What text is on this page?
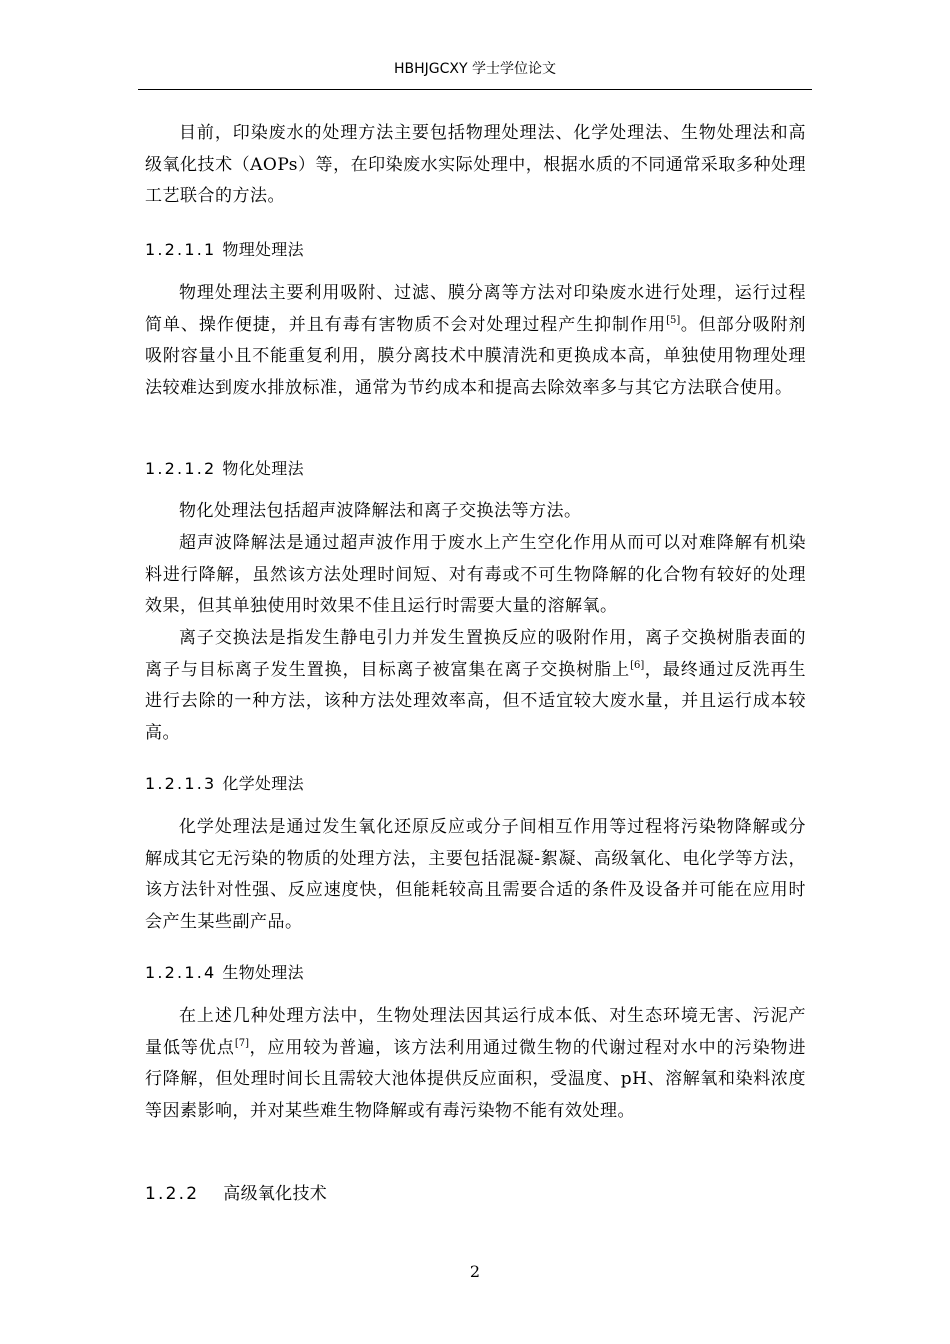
HBHJGCXY 学士学位论文

目前，印染废水的处理方法主要包括物理处理法、化学处理法、生物处理法和高级氧化技术（AOPs）等，在印染废水实际处理中，根据水质的不同通常采取多种处理工艺联合的方法。

1.2.1.1 物理处理法

物理处理法主要利用吸附、过滤、膜分离等方法对印染废水进行处理，运行过程简单、操作便捷，并且有毒有害物质不会对处理过程产生抑制作用[5]。但部分吸附剂吸附容量小且不能重复利用，膜分离技术中膜清洗和更换成本高，单独使用物理处理法较难达到废水排放标准，通常为节约成本和提高去除效率多与其它方法联合使用。

1.2.1.2 物化处理法

物化处理法包括超声波降解法和离子交换法等方法。

超声波降解法是通过超声波作用于废水上产生空化作用从而可以对难降解有机染料进行降解，虽然该方法处理时间短、对有毒或不可生物降解的化合物有较好的处理效果，但其单独使用时效果不佳且运行时需要大量的溶解氧。

离子交换法是指发生静电引力并发生置换反应的吸附作用，离子交换树脂表面的离子与目标离子发生置换，目标离子被富集在离子交换树脂上[6]，最终通过反洗再生进行去除的一种方法，该种方法处理效率高，但不适宜较大废水量，并且运行成本较高。

1.2.1.3 化学处理法

化学处理法是通过发生氧化还原反应或分子间相互作用等过程将污染物降解或分解成其它无污染的物质的处理方法，主要包括混凝-絮凝、高级氧化、电化学等方法，该方法针对性强、反应速度快，但能耗较高且需要合适的条件及设备并可能在应用时会产生某些副产品。

1.2.1.4 生物处理法

在上述几种处理方法中，生物处理法因其运行成本低、对生态环境无害、污泥产量低等优点[7]，应用较为普遍，该方法利用通过微生物的代谢过程对水中的污染物进行降解，但处理时间长且需较大池体提供反应面积，受温度、pH、溶解氧和染料浓度等因素影响，并对某些难生物降解或有毒污染物不能有效处理。

1.2.2 高级氧化技术
2
